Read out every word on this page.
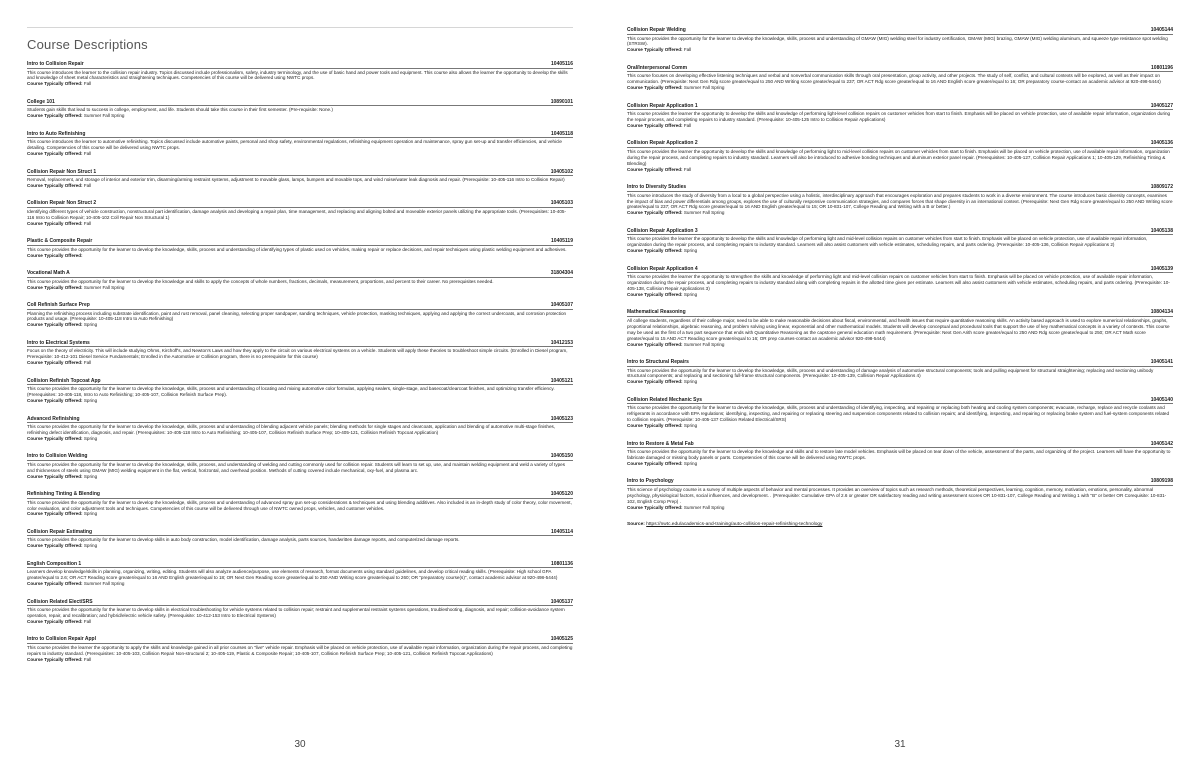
Course Descriptions
Intro to Collision Repair	10405116
This course introduces the learner to the collision repair industry. Topics discussed include professionalism, safety, industry terminology, and the use of basic hand and power tools and equipment. This course also allows the learner the opportunity to develop the skills and knowledge of sheet metal characteristics and straightening techniques. Competencies of this course will be delivered using NWTC props.
Course Typically Offered: Fall
College 101	10890101
Students gain skills that lead to success in college, employment, and life. Students should take this course in their first semester. (Pre-requisite: None.)
Course Typically Offered: Summer Fall Spring
Intro to Auto Refinishing	10405118
This course introduces the learner to automotive refinishing. Topics discussed include automotive paints, personal and shop safety, environmental regulations, refinishing equipment operation and maintenance, spray gun set-up and transfer efficiencies, and vehicle detailing. Competencies of this course will be delivered using NWTC props.
Course Typically Offered: Fall
Collision Repair Non Struct 1	10405102
Removal, replacement, and storage of interior and exterior trim, disarming/arming restraint systems, adjustment to movable glass, lamps, bumpers and movable tops, and wind noise/water leak diagnosis and repair. (Prerequisite: 10-405-116 Intro to Collision Repair)
Course Typically Offered: Fall
Collision Repair Non Struct 2	10405103
Identifying different types of vehicle construction, nonstructural part identification, damage analysis and developing a repair plan, time management, and replacing and aligning bolted and moveable exterior panels utilizing the appropriate tools. (Prerequisites: 10-405-116 Intro to Collision Repair; 10-405-102 Coll Repair Non Structural 1)
Course Typically Offered: Fall
Plastic & Composite Repair	10405119
This course provides the opportunity for the learner to develop the knowledge, skills, process and understanding of identifying types of plastic used on vehicles, making repair or replace decisions, and repair techniques using plastic welding equipment and adhesives.
Course Typically Offered:
Vocational Math A	31804304
This course provides the opportunity for the learner to develop the knowledge and skills to apply the concepts of whole numbers, fractions, decimals, measurement, proportions, and percent to their career. No prerequisites needed.
Course Typically Offered: Summer Fall Spring
Coll Refinish Surface Prep	10405107
Planning the refinishing process including substrate identification, paint and rust removal, panel cleaning, selecting proper sandpaper, sanding techniques, vehicle protection, masking techniques, applying and applying the correct undercoats, and corrosion protection products and usage. (Prerequisite: 10-405-118 Intro to Auto Refinishing)
Course Typically Offered: Spring
Intro to Electrical Systems	10412153
Focus on the theory of electricity. This will include studying Ohms, Kirchoff's, and Newton's Laws and how they apply to the circuit on various electrical systems on a vehicle. Students will apply these theories to troubleshoot simple circuits. (Enrolled in Diesel program, Prerequisite: 10-412-101 Diesel Service Fundamentals; Enrolled in the Automotive or Collision program, there is no prerequisite for this course)
Course Typically Offered: Fall
Collision Refinish Topcoat App	10405121
This course provides the opportunity for the learner to develop the knowledge, skills, process and understanding of locating and mixing automotive color formulas, applying sealers, single-stage, and basecoat/clearcoat finishes, and optimizing transfer efficiency. (Prerequisites: 10-405-118, Intro to Auto Refinishing; 10-405-107, Collision Refinish Surface Prep).
Course Typically Offered: Spring
Advanced Refinishing	10405123
This course provides the opportunity for the learner to develop the knowledge, skills, process and understanding of blending adjacent vehicle panels; blending methods for single stages and clearcoats, application and blending of automotive multi-stage finishes, refinishing defect identification, diagnosis, and repair. (Prerequisites: 10-405-118 Intro to Auto Refinishing; 10-405-107, Collision Refinish Surface Prep; 10-405-121, Collision Refinish Topcoat Application)
Course Typically Offered: Spring
Intro to Collision Welding	10405150
This course provides the opportunity for the learner to develop the knowledge, skills, process, and understanding of welding and cutting commonly used for collision repair. Students will learn to set up, use, and maintain welding equipment and weld a variety of types and thicknesses of steels using GMAW (MIG) welding equipment in the flat, vertical, horizontal, and overhead position. Methods of cutting covered include mechanical, oxy-fuel, and plasma arc.
Course Typically Offered: Spring
Refinishing Tinting & Blending	10405120
This course provides the opportunity for the learner to develop the knowledge, skills, process and understanding of advanced spray gun set-up considerations & techniques and using blending additives. Also included is an in-depth study of color theory, color movement, color evaluation, and color adjustment tools and techniques. Competencies of this course will be delivered through use of NWTC owned props, vehicles, and customer vehicles.
Course Typically Offered: Spring
Collision Repair Estimating	10405114
This course provides the opportunity for the learner to develop skills in auto body construction, model identification, damage analysis, parts sources, handwritten damage reports, and computerized damage reports.
Course Typically Offered: Spring
English Composition 1	10801136
Learners develop knowledge/skills in planning, organizing, writing, editing. Students will also analyze audience/purpose, use elements of research, format documents using standard guidelines, and develop critical reading skills. (Prerequisite: High school GPA greater/equal to 2.6; OR ACT Reading score greater/equal to 16 AND English greater/equal to 18; OR Next Gen Reading score greater/equal to 250 AND Writing score greater/equal to 260; OR "preparatory course(s)", contact academic advisor at 920-498-5444)
Course Typically Offered: Summer Fall Spring
Collision Related Elect/SRS	10405137
This course provides the opportunity for the learner to develop skills in electrical troubleshooting for vehicle systems related to collision repair; restraint and supplemental restraint systems operations, troubleshooting, diagnosis, and repair; collision-avoidance system operation, repair, and recalibration; and hybrid/electric vehicle safety. (Prerequisite: 10-412-153 Intro to Electrical Systems)
Course Typically Offered: Fall
Intro to Collision Repair Appl	10405125
This course provides the learner the opportunity to apply the skills and knowledge gained in all prior courses on "live" vehicle repair. Emphasis will be placed on vehicle protection, use of available repair information, organization during the repair process, and completing repairs to industry standard. (Prerequisites: 10-405-103, Collision Repair Non-structural 2; 10-405-119, Plastic & Composite Repair; 10-405-107, Collision Refinish Surface Prep; 10-405-121, Collision Refinish Topcoat Applications)
Course Typically Offered: Fall
30
Collision Repair Welding	10405144
This course provides the opportunity for the learner to develop the knowledge, skills, process and understanding of GMAW (MIG) welding steel for industry certification, GMAW (MIG) brazing, GMAW (MIG) welding aluminum, and squeeze type resistance spot welding (STRSW).
Course Typically Offered: Fall
Oral/Interpersonal Comm	10801196
This course focuses on developing effective listening techniques and verbal and nonverbal communication skills through oral presentation, group activity, and other projects. The study of self, conflict, and cultural contexts will be explored, as well as their impact on communication. (Prerequisite: Next Gen Rdg score greater/equal to 250 AND Writing score greater/equal to 237; OR ACT Rdg score greater/equal to 16 AND English score greater/equal to 16; OR preparatory course-contact an academic advisor at 920-498-5444)
Course Typically Offered: Summer Fall Spring
Collision Repair Application 1	10405127
This course provides the learner the opportunity to develop the skills and knowledge of performing light-level collision repairs on customer vehicles from start to finish. Emphasis will be placed on vehicle protection, use of available repair information, organization during the repair process, and completing repairs to industry standard. (Prerequisite: 10-405-125 Intro to Collision Repair Applications)
Course Typically Offered: Fall
Collision Repair Application 2	10405136
This course provides the learner the opportunity to develop the skills and knowledge of performing light to mid-level collision repairs on customer vehicles from start to finish. Emphasis will be placed on vehicle protection, use of available repair information, organization during the repair process, and completing repairs to industry standard. Learners will also be introduced to adhesive bonding techniques and aluminum exterior panel repair. (Prerequisites: 10-405-127, Collision Repair Applications 1; 10-405-129, Refinishing Tinting & Blending)
Course Typically Offered: Fall
Intro to Diversity Studies	10809172
This course introduces the study of diversity from a local to a global perspective using a holistic, interdisciplinary approach that encourages exploration and prepares students to work in a diverse environment. The course introduces basic diversity concepts, examines the impact of bias and power differentials among groups, explores the use of culturally responsive communication strategies, and compares forces that shape diversity in an international context. (Prerequisite: Next Gen Rdg score greater/equal to 250 AND Writing score greater/equal to 237; OR ACT Rdg score greater/equal to 16 AND English greater/equal to 15; OR 10-831-107, College Reading and Writing with a B or better.)
Course Typically Offered: Summer Fall Spring
Collision Repair Application 3	10405138
This course provides the learner the opportunity to develop the skills and knowledge of performing light and mid-level collision repairs on customer vehicles from start to finish. Emphasis will be placed on vehicle protection, use of available repair information, organization during the repair process, and completing repairs to industry standard. Learners will also assist customers with vehicle estimates, scheduling repairs, and parts ordering. (Prerequisite: 10-405-136, Collision Repair Applications 2)
Course Typically Offered: Spring
Collision Repair Application 4	10405139
This course provides the learner the opportunity to strengthen the skills and knowledge of performing light and mid-level collision repairs on customer vehicles from start to finish. Emphasis will be placed on vehicle protection, use of available repair information, organization during the repair process, and completing repairs to industry standard along with completing repairs in the allotted time given per estimate. Learners will also assist customers with vehicle estimates, scheduling repairs, and parts ordering. (Prerequisite: 10-405-138, Collision Repair Applications 3)
Course Typically Offered: Spring
Mathematical Reasoning	10804134
All college students, regardless of their college major, need to be able to make reasonable decisions about fiscal, environmental, and health issues that require quantitative reasoning skills. An activity based approach is used to explore numerical relationships, graphs, proportional relationships, algebraic reasoning, and problem solving using linear, exponential and other mathematical models. Students will develop conceptual and procedural tools that support the use of key mathematical concepts in a variety of contexts. This course may be used as the first of a two part sequence that ends with Quantitative Reasoning as the capstone general education math requirement. (Prerequisite: Next Gen Arith score greater/equal to 250 AND Rdg score greater/equal to 250; OR ACT Math score greater/equal to 15 AND ACT Reading score greater/equal to 16; OR prep courses-contact an academic advisor 920-498-5444)
Course Typically Offered: Summer Fall Spring
Intro to Structural Repairs	10405141
This course provides the opportunity for the learner to develop the knowledge, skills, process and understanding of damage analysis of automotive structural components; tools and pulling equipment for structural straightening; replacing and sectioning unibody structural components; and replacing and sectioning full-frame structural components. (Prerequisite: 10-405-139, Collision Repair Applications 4)
Course Typically Offered: Spring
Collision Related Mechanic Sys	10405140
This course provides the opportunity for the learner to develop the knowledge, skills, process and understanding of identifying, inspecting, and repairing or replacing both heating and cooling system components; evacuate, recharge, replace and recycle coolants and refrigerants in accordance with EPA regulations; identifying, inspecting, and repairing or replacing steering and suspension components related to collision repairs; and identifying, inspecting, and repairing or replacing brake system and fuel-system components related to collision repairs. (Prerequisite: 10-405-137 Collision Related Electrical/SRS)
Course Typically Offered: Spring
Intro to Restore & Metal Fab	10405142
This course provides the opportunity for the learner to develop the knowledge and skills and to restore late model vehicles. Emphasis will be placed on tear down of the vehicle, assessment of the parts, and organizing of the project. Learners will have the opportunity to fabricate damaged or missing body panels or parts. Competencies of this course will be delivered using NWTC props.
Course Typically Offered: Spring
Intro to Psychology	10809198
This science of psychology course is a survey of multiple aspects of behavior and mental processes. It provides an overview of topics such as research methods, theoretical perspectives, learning, cognition, memory, motivation, emotions, personality, abnormal psychology, physiological factors, social influences, and development. . (Prerequisite: Cumulative GPA of 2.6 or greater OR satisfactory reading and writing assessment scores OR 10-831-107, College Reading and Writing 1 with "B" or better OR Corequisite: 10-831-102, English Comp Prep) .
Course Typically Offered: Summer Fall Spring
Source: https://nwtc.edu/academics-and-training/auto-collision-repair-refinishing-technology
31
